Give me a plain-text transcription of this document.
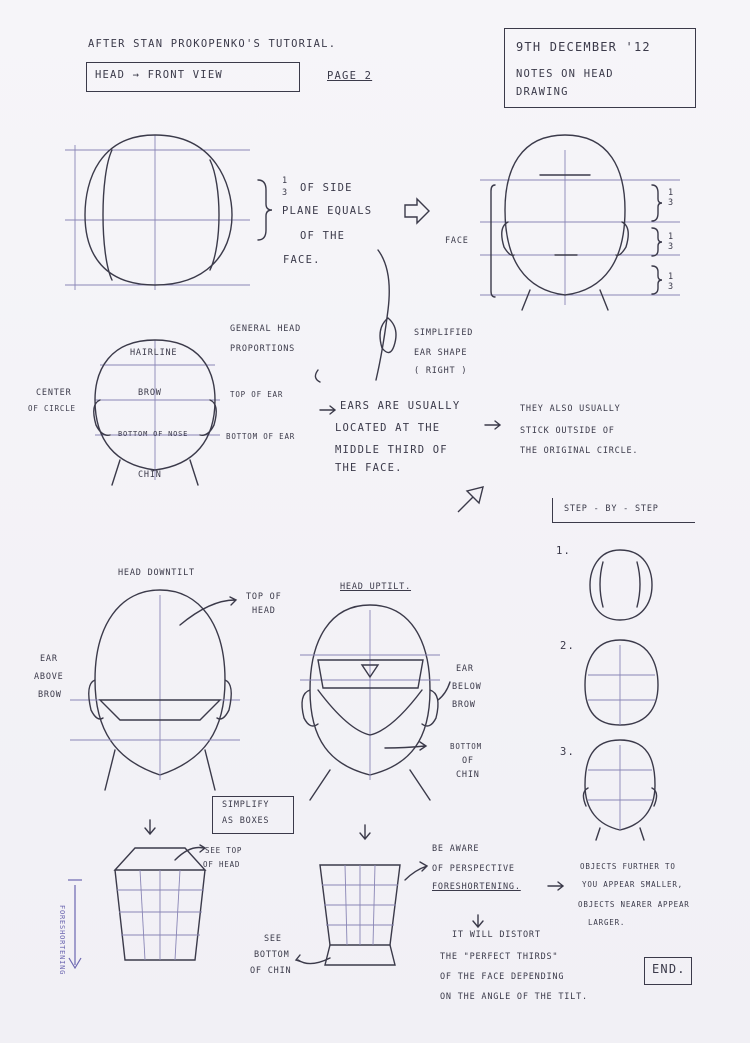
AFTER STAN PROKOPENKO'S TUTORIAL.
HEAD → FRONT VIEW	PAGE 2
9TH DECEMBER '12
NOTES ON HEAD
DRAWING
1
3 OF SIDE
PLANE EQUALS
OF THE
FACE.
FACE
1
3
1
3
1
3
GENERAL HEAD
PROPORTIONS
HAIRLINE
BROW
BOTTOM OF NOSE
CHIN
CENTER
OF CIRCLE
TOP OF EAR
BOTTOM OF EAR
SIMPLIFIED
EAR SHAPE
( RIGHT )
EARS ARE USUALLY
LOCATED AT THE
MIDDLE THIRD OF
THE FACE.
THEY ALSO USUALLY
STICK OUTSIDE OF
THE ORIGINAL CIRCLE.
STEP - BY - STEP
1.
2.
3.
HEAD DOWNTILT
TOP OF
HEAD
HEAD UPTILT.
EAR
ABOVE
BROW
EAR
BELOW
BROW
BOTTOM
OF
CHIN
SIMPLIFY
AS BOXES
SEE TOP
OF HEAD
SEE
BOTTOM
OF CHIN
FORESHORTENING
BE AWARE
OF PERSPECTIVE
FORESHORTENING.
OBJECTS FURTHER TO
YOU APPEAR SMALLER,
OBJECTS NEARER APPEAR
LARGER.
IT WILL DISTORT
THE "PERFECT THIRDS"
OF THE FACE DEPENDING
ON THE ANGLE OF THE TILT.
END.
